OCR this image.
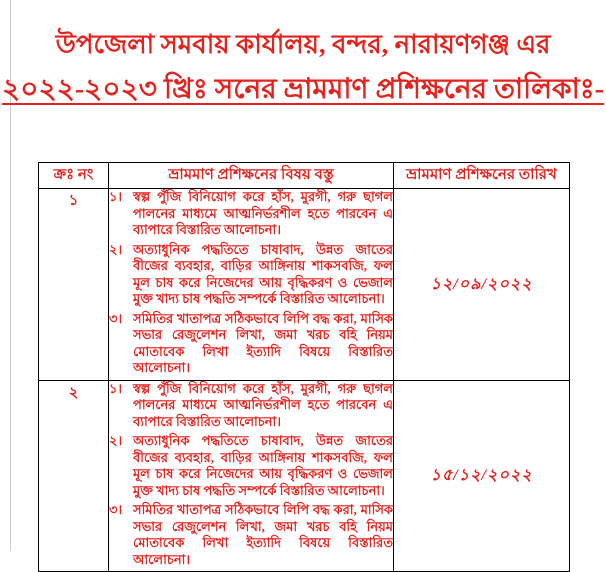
উপজেলা সমবায় কার্যালয়, বন্দর, নারায়ণগঞ্জ এর
২০২২-২০২৩ খ্রিঃ সনের ভ্রামমাণ প্রশিক্ষনের তালিকাঃ-
ক্রঃ নং	ভ্রামমাণ প্রশিক্ষনের বিষয় বস্তু	ভ্রামমাণ প্রশিক্ষনের তারিখ
১	১। স্বল্প পুঁজি বিনিয়োগ করে হাঁস, মুরগী, গরু ছাগল পালনের মাধ্যমে আত্মনির্ভরশীল হতে পারবেন এ ব্যাপারে বিস্তারিত আলোচনা।
২। অত্যাধুনিক পদ্ধতিতে চাষাবাদ, উন্নত জাতের বীজের ব্যবহার, বাড়ির আঙ্গিনায় শাকসবজি, ফল মূল চাষ করে নিজেদের আয় বৃদ্ধিকরণ ও ভেজাল মুক্ত খাদ্য চাষ পদ্ধতি সম্পর্কে বিস্তারিত আলোচনা।
৩। সমিতির খাতাপত্র সঠিকভাবে লিপি বদ্ধ করা, মাসিক সভার রেজুলেশন লিখা, জমা খরচ বহি নিয়ম মোতাবেক লিখা ইত্যাদি বিষয়ে বিস্তারিত আলোচনা।
	১২/০৯/২০২২
২	১। স্বল্প পুঁজি বিনিয়োগ করে হাঁস, মুরগী, গরু ছাগল পালনের মাধ্যমে আত্মনির্ভরশীল হতে পারবেন এ ব্যাপারে বিস্তারিত আলোচনা।
২। অত্যাধুনিক পদ্ধতিতে চাষাবাদ, উন্নত জাতের বীজের ব্যবহার, বাড়ির আঙ্গিনায় শাকসবজি, ফল মূল চাষ করে নিজেদের আয় বৃদ্ধিকরণ ও ভেজাল মুক্ত খাদ্য চাষ পদ্ধতি সম্পর্কে বিস্তারিত আলোচনা।
৩। সমিতির খাতাপত্র সঠিকভাবে লিপি বদ্ধ করা, মাসিক সভার রেজুলেশন লিখা, জমা খরচ বহি নিয়ম মোতাবেক লিখা ইত্যাদি বিষয়ে বিস্তারিত আলোচনা।
	১৫/১২/২০২২
